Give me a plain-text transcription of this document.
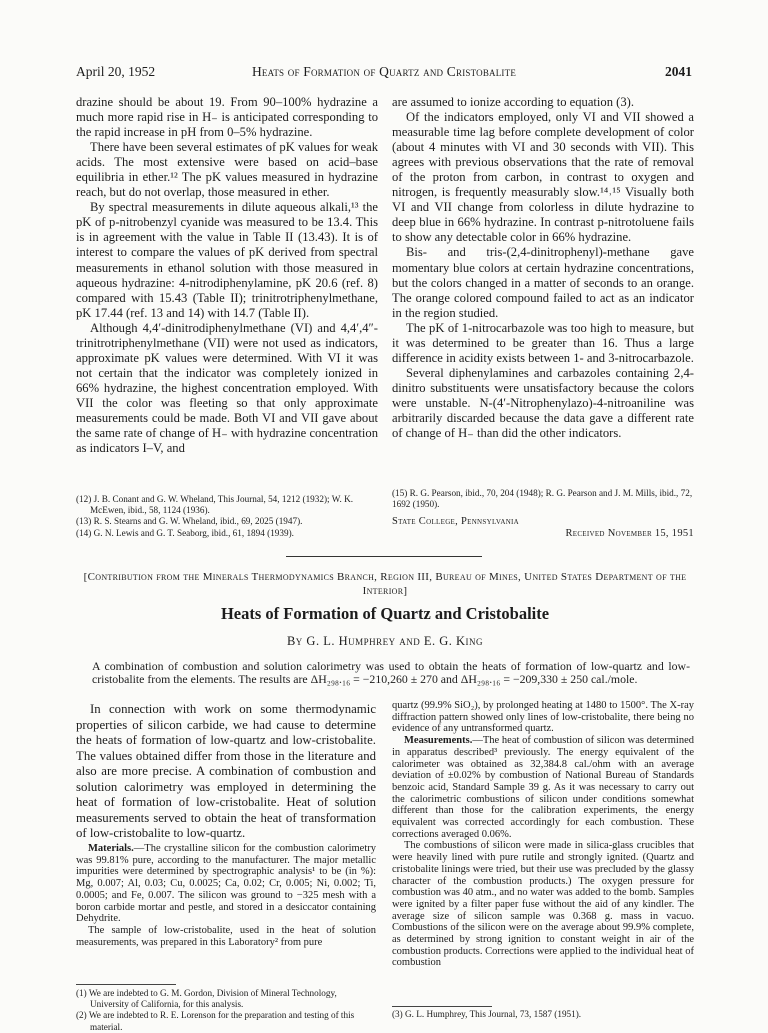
April 20, 1952	Heats of Formation of Quartz and Cristobalite	2041

drazine should be about 19. From 90–100% hydrazine a much more rapid rise in H₋ is anticipated corresponding to the rapid increase in pH from 0–5% hydrazine.

There have been several estimates of pK values for weak acids. The most extensive were based on acid–base equilibria in ether.¹² The pK values measured in hydrazine reach, but do not overlap, those measured in ether.

By spectral measurements in dilute aqueous alkali,¹³ the pK of p-nitrobenzyl cyanide was measured to be 13.4. This is in agreement with the value in Table II (13.43). It is of interest to compare the values of pK derived from spectral measurements in ethanol solution with those measured in aqueous hydrazine: 4-nitrodiphenylamine, pK 20.6 (ref. 8) compared with 15.43 (Table II); trinitrotriphenylmethane, pK 17.44 (ref. 13 and 14) with 14.7 (Table II).

Although 4,4′-dinitrodiphenylmethane (VI) and 4,4′,4″-trinitrotriphenylmethane (VII) were not used as indicators, approximate pK values were determined. With VI it was not certain that the indicator was completely ionized in 66% hydrazine, the highest concentration employed. With VII the color was fleeting so that only approximate measurements could be made. Both VI and VII gave about the same rate of change of H₋ with hydrazine concentration as indicators I–V, and

(12) J. B. Conant and G. W. Wheland, This Journal, 54, 1212 (1932); W. K. McEwen, ibid., 58, 1124 (1936).

(13) R. S. Stearns and G. W. Wheland, ibid., 69, 2025 (1947).

(14) G. N. Lewis and G. T. Seaborg, ibid., 61, 1894 (1939).

are assumed to ionize according to equation (3).

Of the indicators employed, only VI and VII showed a measurable time lag before complete development of color (about 4 minutes with VI and 30 seconds with VII). This agrees with previous observations that the rate of removal of the proton from carbon, in contrast to oxygen and nitrogen, is frequently measurably slow.¹⁴˒¹⁵ Visually both VI and VII change from colorless in dilute hydrazine to deep blue in 66% hydrazine. In contrast p-nitrotoluene fails to show any detectable color in 66% hydrazine.

Bis- and tris-(2,4-dinitrophenyl)-methane gave momentary blue colors at certain hydrazine concentrations, but the colors changed in a matter of seconds to an orange. The orange colored compound failed to act as an indicator in the region studied.

The pK of 1-nitrocarbazole was too high to measure, but it was determined to be greater than 16. Thus a large difference in acidity exists between 1- and 3-nitrocarbazole.

Several diphenylamines and carbazoles containing 2,4-dinitro substituents were unsatisfactory because the colors were unstable. N-(4′-Nitrophenylazo)-4-nitroaniline was arbitrarily discarded because the data gave a different rate of change of H₋ than did the other indicators.

(15) R. G. Pearson, ibid., 70, 204 (1948); R. G. Pearson and J. M. Mills, ibid., 72, 1692 (1950).
State College, Pennsylvania
Received November 15, 1951
[Contribution from the Minerals Thermodynamics Branch, Region III, Bureau of Mines, United States Department of the Interior]
Heats of Formation of Quartz and Cristobalite
By G. L. Humphrey and E. G. King
A combination of combustion and solution calorimetry was used to obtain the heats of formation of low-quartz and low-cristobalite from the elements. The results are ΔH₂₉₈.₁₆ = −210,260 ± 270 and ΔH₂₉₈.₁₆ = −209,330 ± 250 cal./mole.

In connection with work on some thermodynamic properties of silicon carbide, we had cause to determine the heats of formation of low-quartz and low-cristobalite. The values obtained differ from those in the literature and also are more precise. A combination of combustion and solution calorimetry was employed in determining the heat of formation of low-cristobalite. Heat of solution measurements served to obtain the heat of transformation of low-cristobalite to low-quartz.

Materials.—The crystalline silicon for the combustion calorimetry was 99.81% pure, according to the manufacturer. The major metallic impurities were determined by spectrographic analysis¹ to be (in %): Mg, 0.007; Al, 0.03; Cu, 0.0025; Ca, 0.02; Cr, 0.005; Ni, 0.002; Ti, 0.0005; and Fe, 0.007. The silicon was ground to −325 mesh with a boron carbide mortar and pestle, and stored in a desiccator containing Dehydrite.

The sample of low-cristobalite, used in the heat of solution measurements, was prepared in this Laboratory² from pure

(1) We are indebted to G. M. Gordon, Division of Mineral Technology, University of California, for this analysis.

(2) We are indebted to R. E. Lorenson for the preparation and testing of this material.

quartz (99.9% SiO₂), by prolonged heating at 1480 to 1500°. The X-ray diffraction pattern showed only lines of low-cristobalite, there being no evidence of any untransformed quartz.

Measurements.—The heat of combustion of silicon was determined in apparatus described³ previously. The energy equivalent of the calorimeter was obtained as 32,384.8 cal./ohm with an average deviation of ±0.02% by combustion of National Bureau of Standards benzoic acid, Standard Sample 39 g. As it was necessary to carry out the calorimetric combustions of silicon under conditions somewhat different than those for the calibration experiments, the energy equivalent was corrected accordingly for each combustion. These corrections averaged 0.06%.

The combustions of silicon were made in silica-glass crucibles that were heavily lined with pure rutile and strongly ignited. (Quartz and cristobalite linings were tried, but their use was precluded by the glassy character of the combustion products.) The oxygen pressure for combustion was 40 atm., and no water was added to the bomb. Samples were ignited by a filter paper fuse without the aid of any kindler. The average size of silicon sample was 0.368 g. mass in vacuo. Combustions of the silicon were on the average about 99.9% complete, as determined by strong ignition to constant weight in air of the combustion products. Corrections were applied to the individual heat of combustion

(3) G. L. Humphrey, This Journal, 73, 1587 (1951).
